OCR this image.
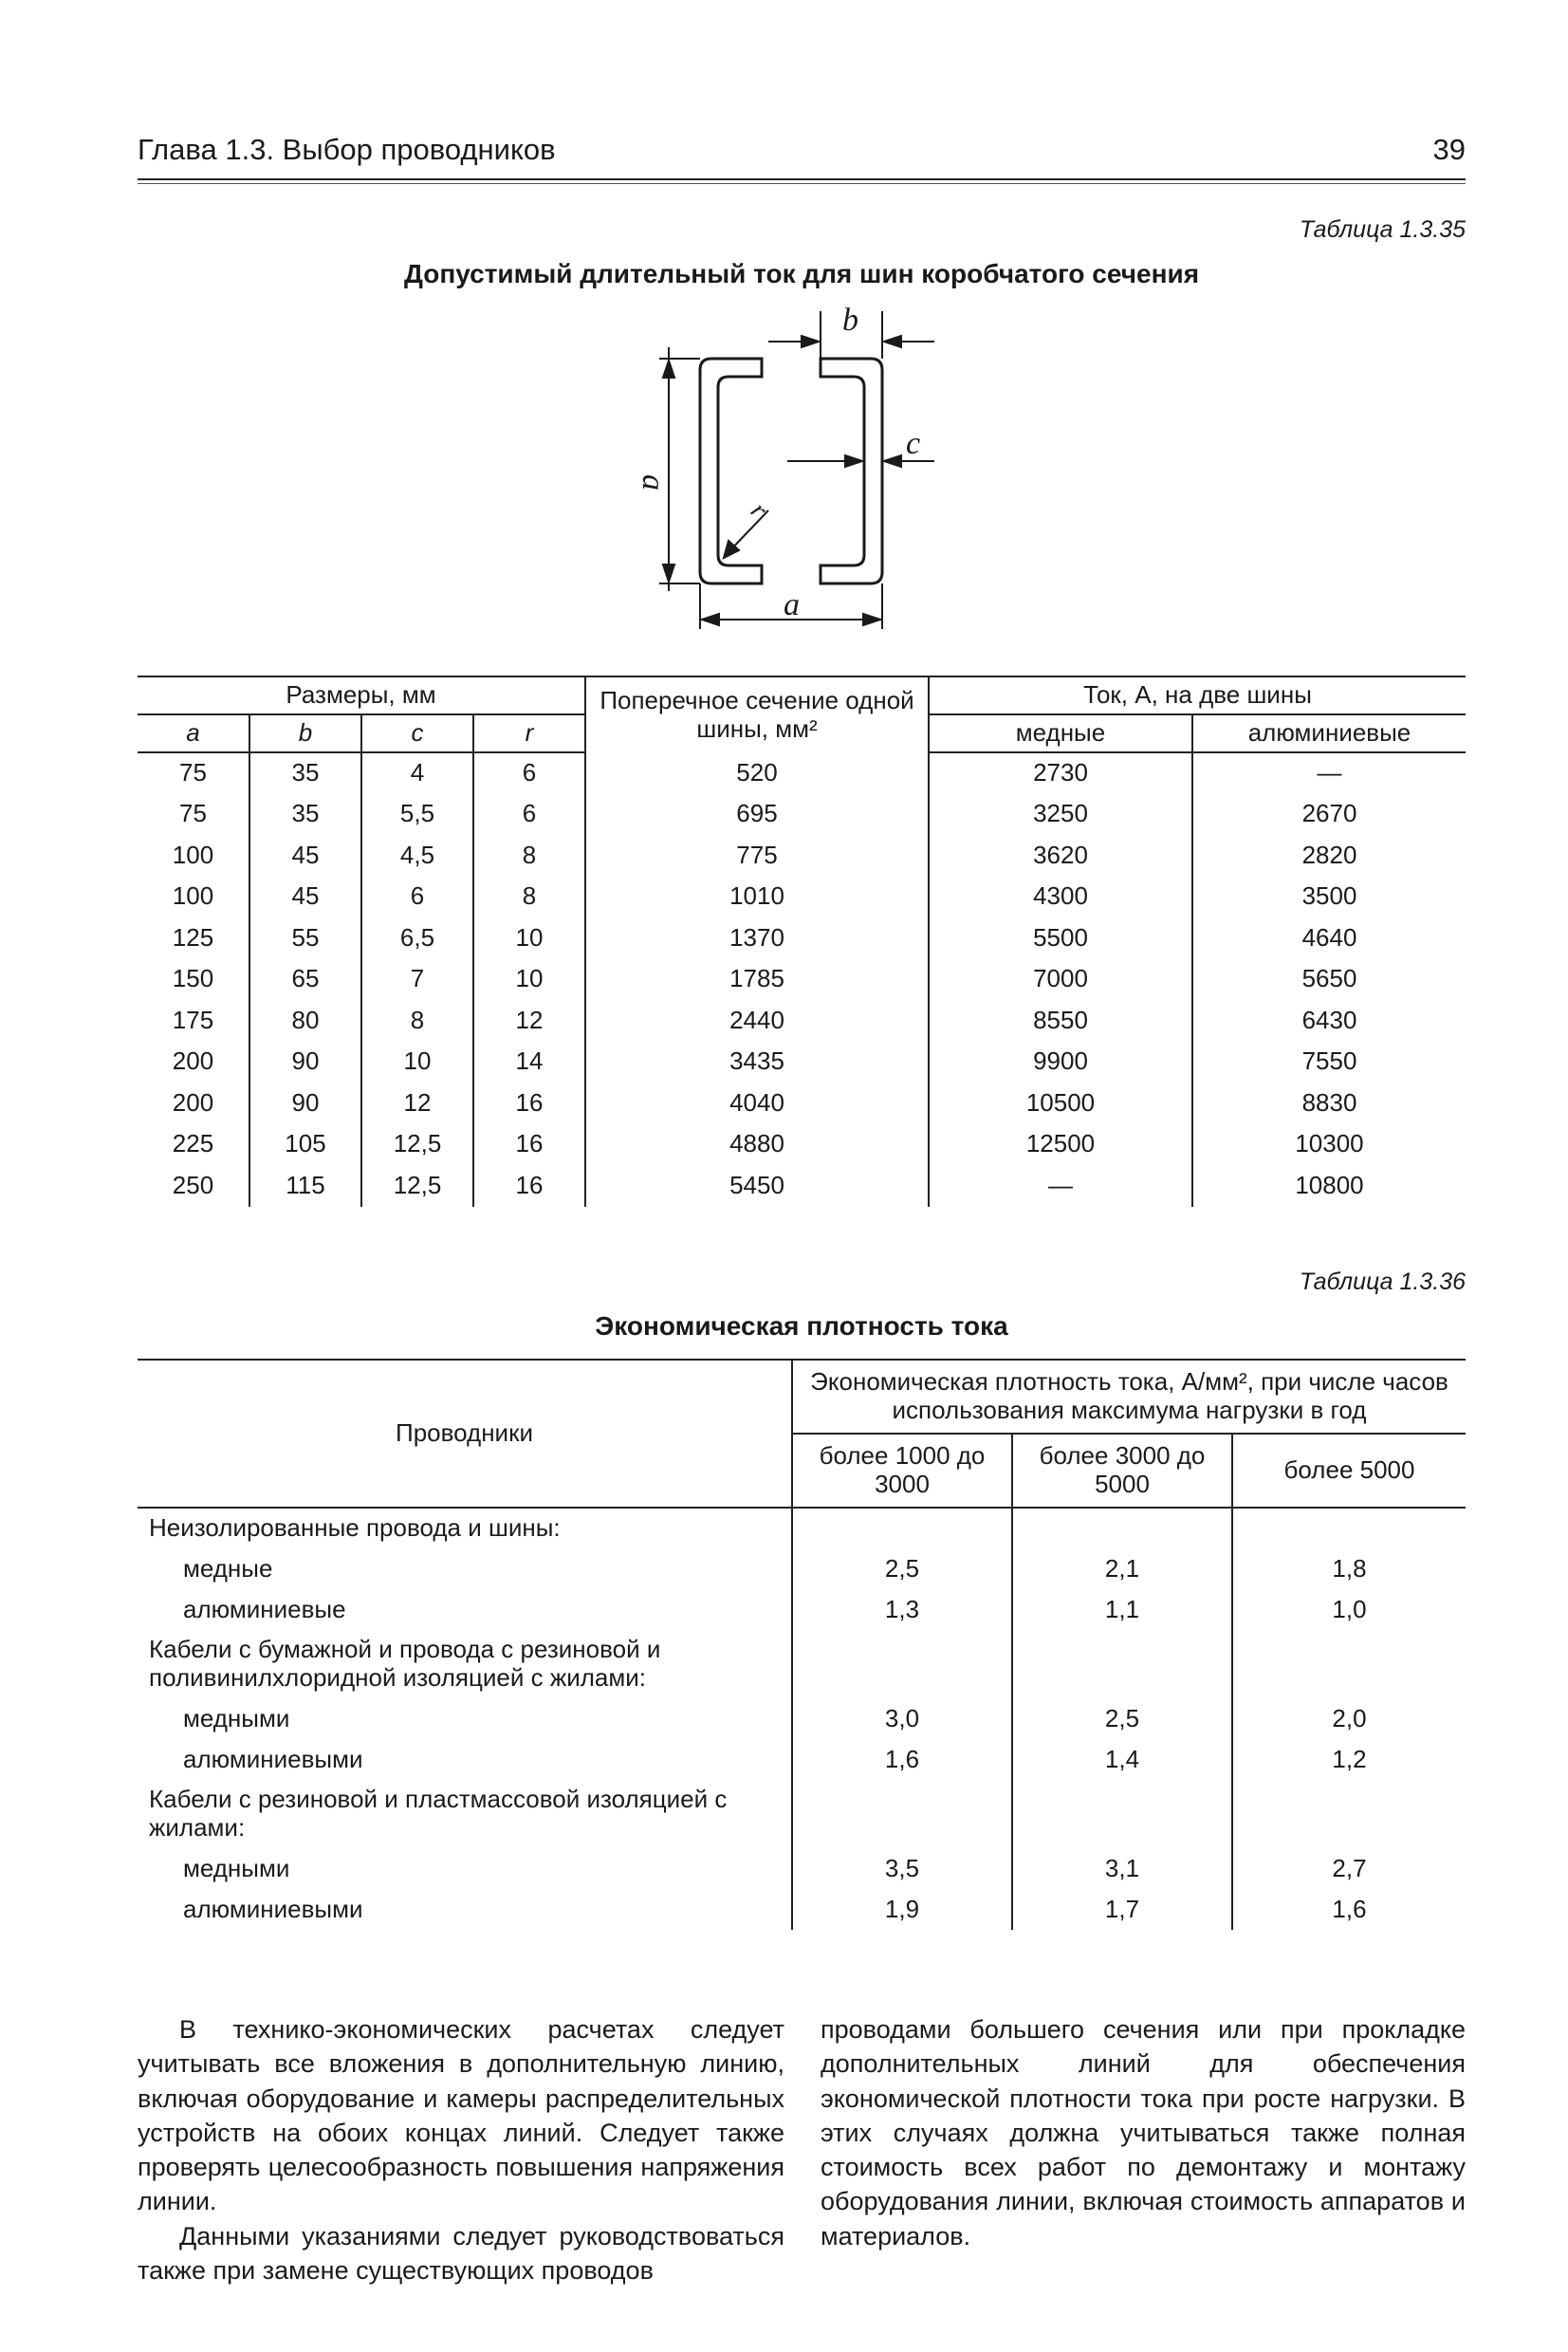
Глава 1.3. Выбор проводников	39
Таблица 1.3.35
Допустимый длительный ток для шин коробчатого сечения
b
c
a
a
r
Размеры, мм				Поперечное сечение одной шины, мм²	Ток, А, на две шины	
a	b	c	r		медные	алюминиевые
75	35	4	6	520	2730	—
75	35	5,5	6	695	3250	2670
100	45	4,5	8	775	3620	2820
100	45	6	8	1010	4300	3500
125	55	6,5	10	1370	5500	4640
150	65	7	10	1785	7000	5650
175	80	8	12	2440	8550	6430
200	90	10	14	3435	9900	7550
200	90	12	16	4040	10500	8830
225	105	12,5	16	4880	12500	10300
250	115	12,5	16	5450	—	10800
Таблица 1.3.36
Экономическая плотность тока
Проводники	Экономическая плотность тока, А/мм², при числе часов использования максимума нагрузки в год		
	более 1000 до 3000	более 3000 до 5000	более 5000
Неизолированные провода и шины:			
медные	2,5	2,1	1,8
алюминиевые	1,3	1,1	1,0
Кабели с бумажной и провода с резиновой и поливинилхлоридной изоляцией с жилами:			
медными	3,0	2,5	2,0
алюминиевыми	1,6	1,4	1,2
Кабели с резиновой и пластмассовой изоляцией с жилами:			
медными	3,5	3,1	2,7
алюминиевыми	1,9	1,7	1,6

В технико-экономических расчетах следует учитывать все вложения в дополнительную линию, включая оборудование и камеры распределительных устройств на обоих концах линий. Следует также проверять целесообразность повышения напряжения линии.

Данными указаниями следует руководствоваться также при замене существующих проводов

проводами большего сечения или при прокладке дополнительных линий для обеспечения экономической плотности тока при росте нагрузки. В этих случаях должна учитываться также полная стоимость всех работ по демонтажу и монтажу оборудования линии, включая стоимость аппаратов и материалов.
